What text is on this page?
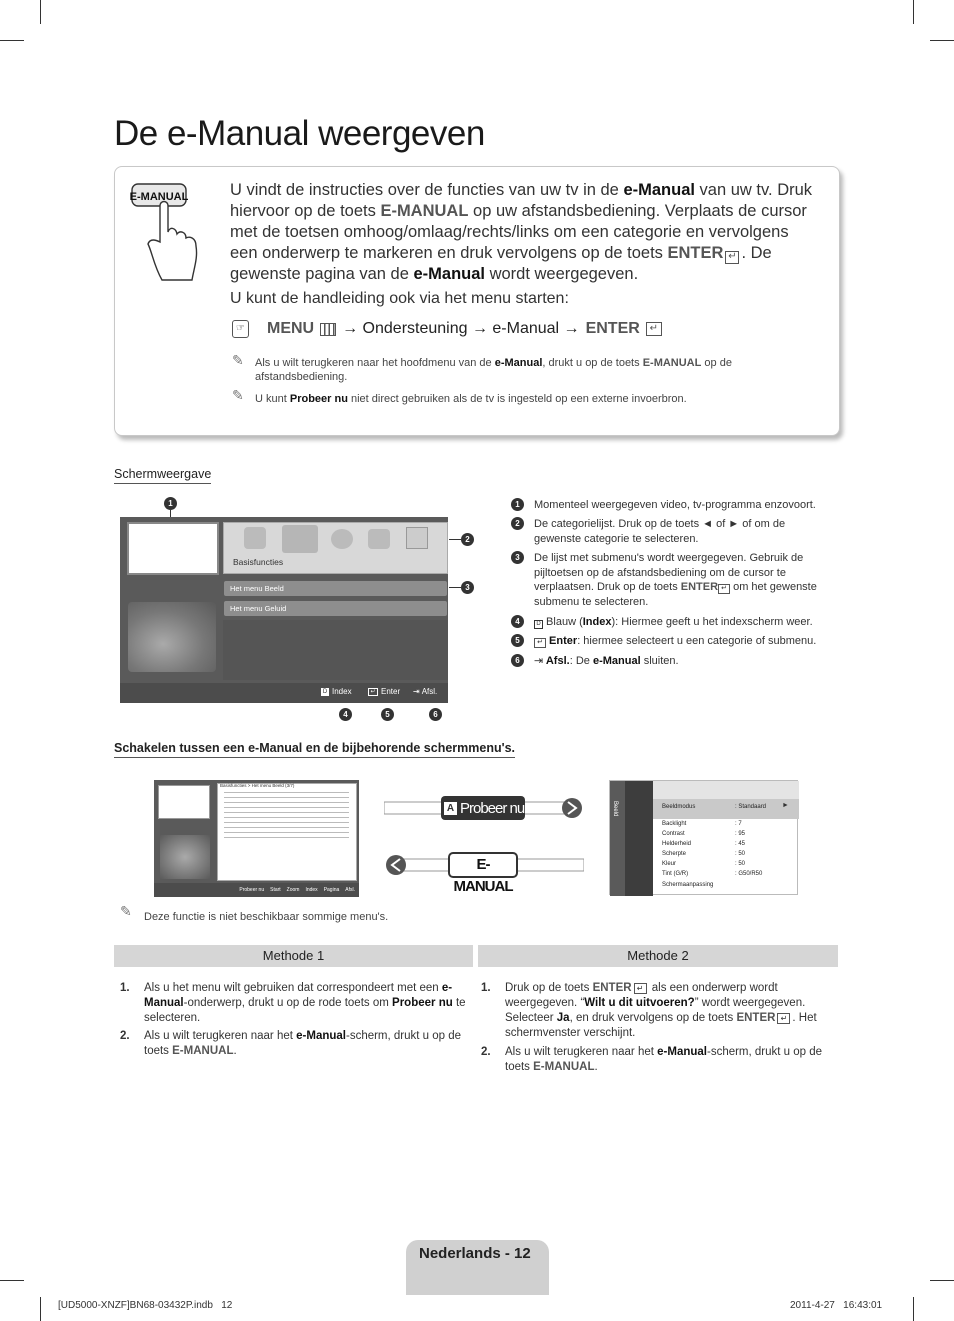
De e-Manual weergeven
E-MANUAL	U vindt de instructies over de functies van uw tv in de e-Manual van uw tv. Druk hiervoor op de toets E-MANUAL op uw afstandsbediening. Verplaats de cursor met de toetsen omhoog/omlaag/rechts/links om een categorie en vervolgens een onderwerp te markeren en druk vervolgens op de toets ENTER ↵ . De gewenste pagina van de e-Manual wordt weergegeven.
U kunt de handleiding ook via het menu starten:
☞ MENU → Ondersteuning → e-Manual → ENTER ↵
✎ Als u wilt terugkeren naar het hoofdmenu van de e-Manual, drukt u op de toets E-MANUAL op de afstandsbediening.
✎ U kunt Probeer nu niet direct gebruiken als de tv is ingesteld op een externe invoerbron.
Schermweergave
1
Basisfuncties
Het menu Beeld
Het menu Geluid
D Index	↵ Enter ⇥ Afsl.
2
3
4	5	6
1	Momenteel weergegeven video, tv-programma enzovoort.
2	De categorielijst. Druk op de toets ◄ of ► of om de gewenste categorie te selecteren.
3	De lijst met submenu's wordt weergegeven. Gebruik de pijltoetsen op de afstandsbediening om de cursor te verplaatsen. Druk op de toets ENTER ↵ om het gewenste submenu te selecteren.
4	D Blauw (Index): Hiermee geeft u het indexscherm weer.
5	↵ Enter: hiermee selecteert u een categorie of submenu.
6	⇥ Afsl.: De e-Manual sluiten.
Schakelen tussen een e-Manual en de bijbehorende schermmenu's.
Basisfuncties > Het menu Beeld (3/7)
Probeer nu Start Zoom Index Pagina Afsl.
A Probeer nu
E-MANUAL
Beeld	Beeldmodus	: Standaard ►
Backlight	: 7
Contrast	: 95
Helderheid	: 45
Scherpte	: 50
Kleur	: 50
Tint (G/R)	: G50/R50
Schermaanpassing
✎ Deze functie is niet beschikbaar sommige menu's.
Methode 1	Methode 2
1. Als u het menu wilt gebruiken dat correspondeert met een e-Manual-onderwerp, drukt u op de rode toets om Probeer nu te selecteren.
2. Als u wilt terugkeren naar het e-Manual-scherm, drukt u op de toets E-MANUAL.
1. Druk op de toets ENTER ↵ als een onderwerp wordt weergegeven. “Wilt u dit uitvoeren?” wordt weergegeven. Selecteer Ja, en druk vervolgens op de toets ENTER ↵ . Het schermvenster verschijnt.
2. Als u wilt terugkeren naar het e-Manual-scherm, drukt u op de toets E-MANUAL.
Nederlands - 12
[UD5000-XNZF]BN68-03432P.indb   12	2011-4-27   16:43:01
